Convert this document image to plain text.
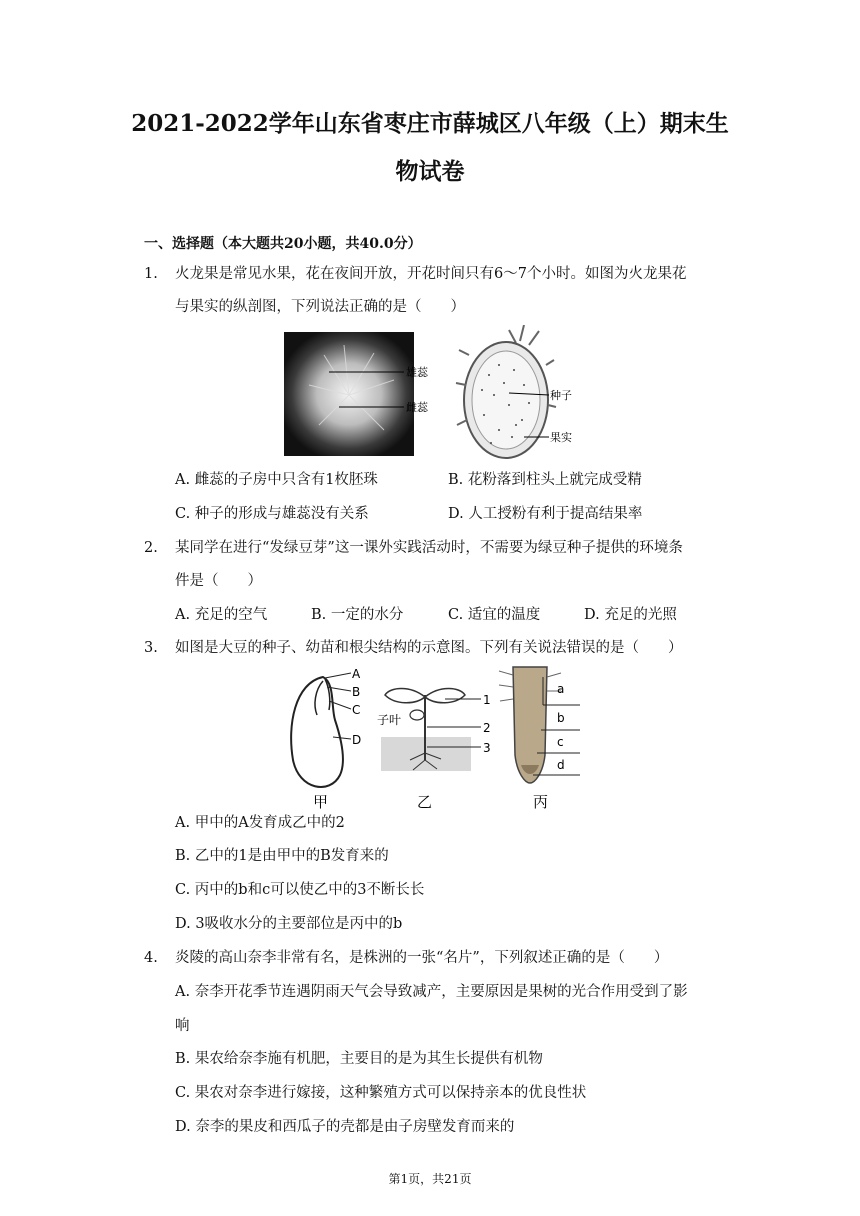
2021-2022学年山东省枣庄市薛城区八年级（上）期末生
物试卷
一、选择题（本大题共20小题，共40.0分）
1. 火龙果是常见水果，花在夜间开放，开花时间只有6～7个小时。如图为火龙果花
与果实的纵剖图，下列说法正确的是（　　）
雄蕊
雌蕊
种子
果实
A. 雌蕊的子房中只含有1枚胚珠	B. 花粉落到柱头上就完成受精
C. 种子的形成与雄蕊没有关系	D. 人工授粉有利于提高结果率
2. 某同学在进行“发绿豆芽”这一课外实践活动时，不需要为绿豆种子提供的环境条
件是（　　）
A. 充足的空气	B. 一定的水分	C. 适宜的温度	D. 充足的光照
3. 如图是大豆的种子、幼苗和根尖结构的示意图。下列有关说法错误的是（　　）
A
B
C
D
甲
1
2
3
子叶
乙
a
b
c
d
丙
A. 甲中的A发育成乙中的2
B. 乙中的1是由甲中的B发育来的
C. 丙中的b和c可以使乙中的3不断长长
D. 3吸收水分的主要部位是丙中的b
4. 炎陵的高山奈李非常有名，是株洲的一张“名片”，下列叙述正确的是（　　）
A. 奈李开花季节连遇阴雨天气会导致减产，主要原因是果树的光合作用受到了影
响
B. 果农给奈李施有机肥，主要目的是为其生长提供有机物
C. 果农对奈李进行嫁接，这种繁殖方式可以保持亲本的优良性状
D. 奈李的果皮和西瓜子的壳都是由子房壁发育而来的
第1页，共21页
